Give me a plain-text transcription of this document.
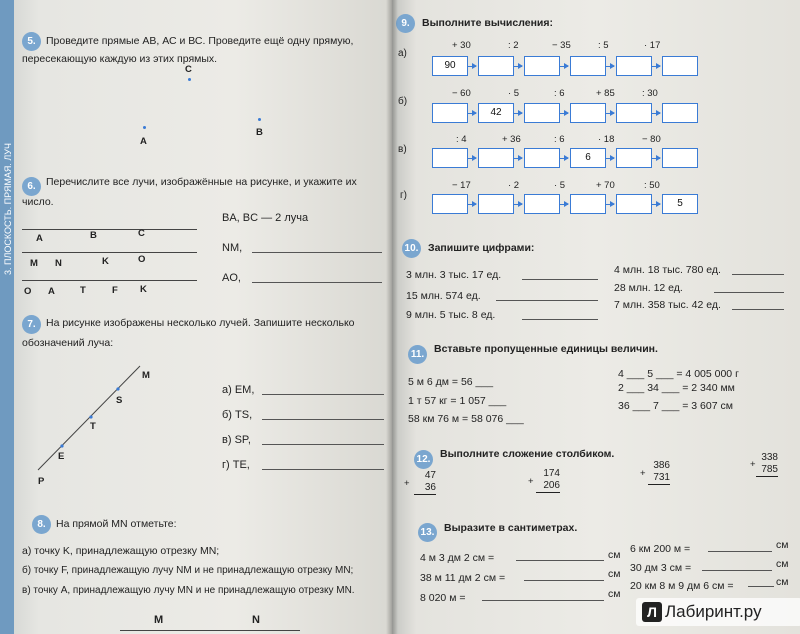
3. ПЛОСКОСТЬ. ПРЯМАЯ. ЛУЧ
5. Проведите прямые АВ, АС и ВС. Проведите ещё одну прямую,
пересекающую каждую из этих прямых.
C
A
B
6. Перечислите все лучи, изображённые на рисунке, и укажите их
число.
A	B	C
M N	K	O
O A	T	F K
BA, BC — 2 луча
NM,
AO,
7. На рисунке изображены несколько лучей. Запишите несколько
обозначений луча:
M
S
T
E
P
а) EM,
б) TS,
в) SP,
г) TE,
8. На прямой MN отметьте:
а) точку K, принадлежащую отрезку MN;
б) точку F, принадлежащую лучу NM и не принадлежащую отрезку MN;
в) точку A, принадлежащую лучу MN и не принадлежащую отрезку MN.
M	N
9.	Выполните вычисления:
а)
+ 30	: 2	− 35	: 5	· 17
90
б)
− 60	· 5	: 6	+ 85	: 30
42
в)
: 4	+ 36	: 6	· 18	− 80
6
г)
− 17	· 2	· 5	+ 70	: 50
5
10. Запишите цифрами:
3 млн. 3 тыс. 17 ед.	4 млн. 18 тыс. 780 ед.
15 млн. 574 ед.
28 млн. 12 ед.
9 млн. 5 тыс. 8 ед.
7 млн. 358 тыс. 42 ед.
11. Вставьте пропущенные единицы величин.
5 м 6 дм = 56 ___
1 т 57 кг = 1 057 ___
58 км 76 м = 58 076 ___
4 ___ 5 ___ = 4 005 000 г
2 ___ 34 ___ = 2 340 мм
36 ___ 7 ___ = 3 607 см
12. Выполните сложение столбиком.
47
36
+
174
206
+
386
731
+
338
785
+
13. Выразите в сантиметрах.
4 м 3 дм 2 см =	см
38 м 11 дм 2 см =	см
8 020 м =	см
6 км 200 м =	см
30 дм 3 см =	см
20 км 8 м 9 дм 6 см =	см
Л Лабиринт.ру
